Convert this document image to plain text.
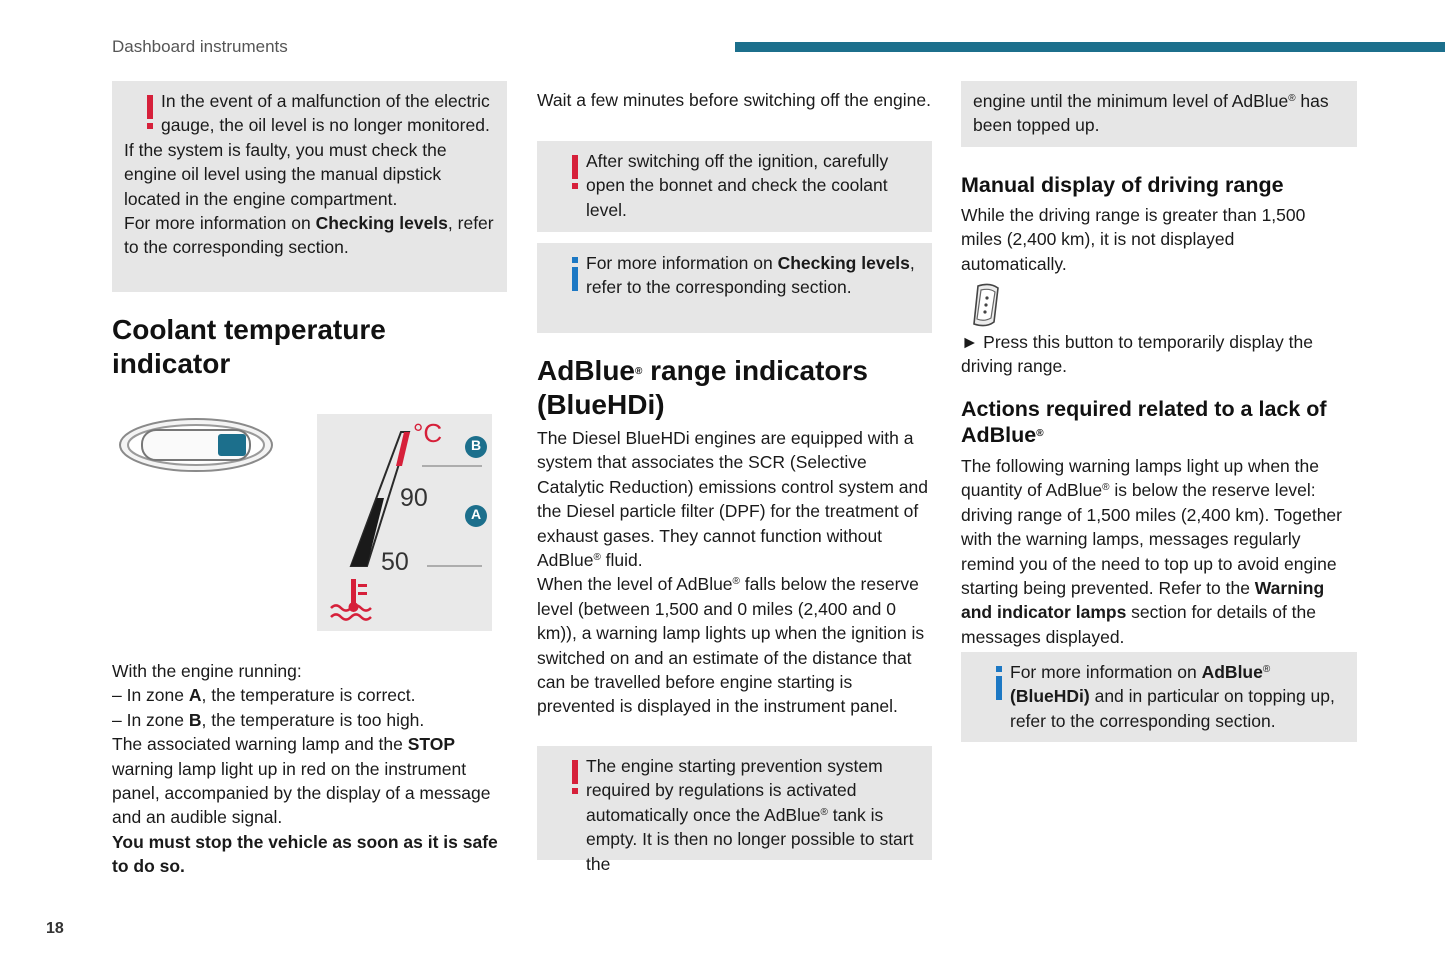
Dashboard instruments
In the event of a malfunction of the electric gauge, the oil level is no longer monitored.
If the system is faulty, you must check the engine oil level using the manual dipstick located in the engine compartment.
For more information on Checking levels, refer to the corresponding section.
Coolant temperature indicator
°C
90
50
B
A

With the engine running:

– In zone A, the temperature is correct.

– In zone B, the temperature is too high.

The associated warning lamp and the STOP warning lamp light up in red on the instrument panel, accompanied by the display of a message and an audible signal.

You must stop the vehicle as soon as it is safe to do so.

Wait a few minutes before switching off the engine.
After switching off the ignition, carefully open the bonnet and check the coolant level.
For more information on Checking levels, refer to the corresponding section.
AdBlue® range indicators (BlueHDi)

The Diesel BlueHDi engines are equipped with a system that associates the SCR (Selective Catalytic Reduction) emissions control system and the Diesel particle filter (DPF) for the treatment of exhaust gases. They cannot function without AdBlue® fluid.

When the level of AdBlue® falls below the reserve level (between 1,500 and 0 miles (2,400 and 0 km)), a warning lamp lights up when the ignition is switched on and an estimate of the distance that can be travelled before engine starting is prevented is displayed in the instrument panel.

The engine starting prevention system required by regulations is activated automatically once the AdBlue® tank is empty. It is then no longer possible to start the
engine until the minimum level of AdBlue® has been topped up.
Manual display of driving range
While the driving range is greater than 1,500 miles (2,400 km), it is not displayed automatically.
► Press this button to temporarily display the driving range.
Actions required related to a lack of AdBlue®

The following warning lamps light up when the quantity of AdBlue® is below the reserve level: driving range of 1,500 miles (2,400 km). Together with the warning lamps, messages regularly remind you of the need to top up to avoid engine starting being prevented. Refer to the Warning and indicator lamps section for details of the messages displayed.

For more information on AdBlue®
(BlueHDi) and in particular on topping up, refer to the corresponding section.
18
